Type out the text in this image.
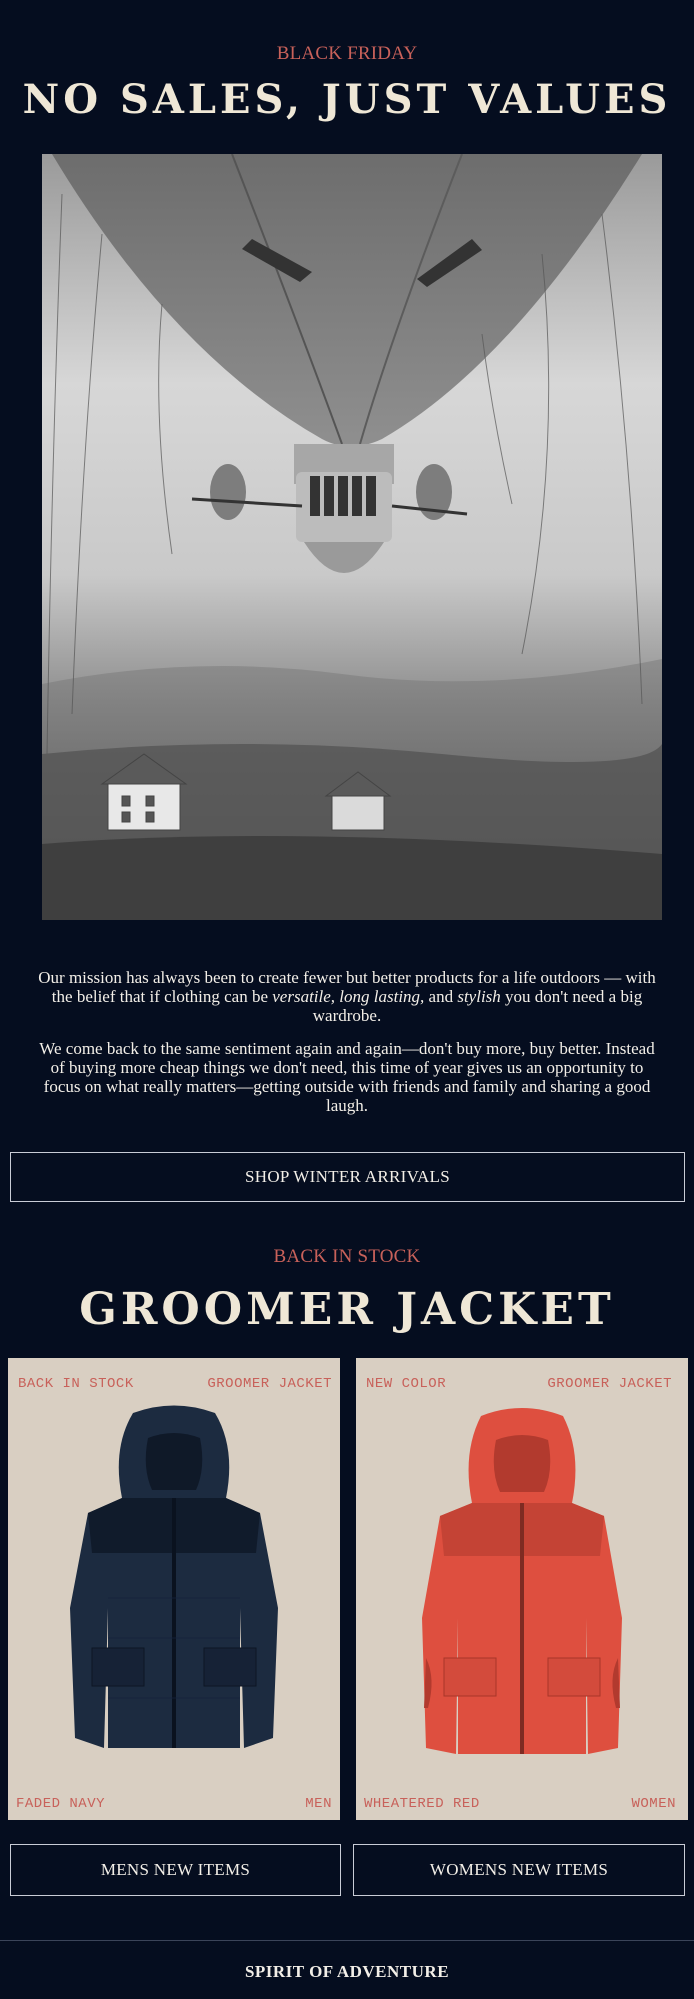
BLACK FRIDAY
NO SALES, JUST VALUES
Our mission has always been to create fewer but better products for a life outdoors — with the belief that if clothing can be versatile, long lasting, and stylish you don't need a big wardrobe.
We come back to the same sentiment again and again—don't buy more, buy better. Instead of buying more cheap things we don't need, this time of year gives us an opportunity to focus on what really matters—getting outside with friends and family and sharing a good laugh.
SHOP WINTER ARRIVALS
BACK IN STOCK
GROOMER JACKET
BACK IN STOCK	GROOMER JACKET
FADED NAVY	MEN
NEW COLOR	GROOMER JACKET
WHEATERED RED	WOMEN
MENS NEW ITEMS	WOMENS NEW ITEMS
SPIRIT OF ADVENTURE
